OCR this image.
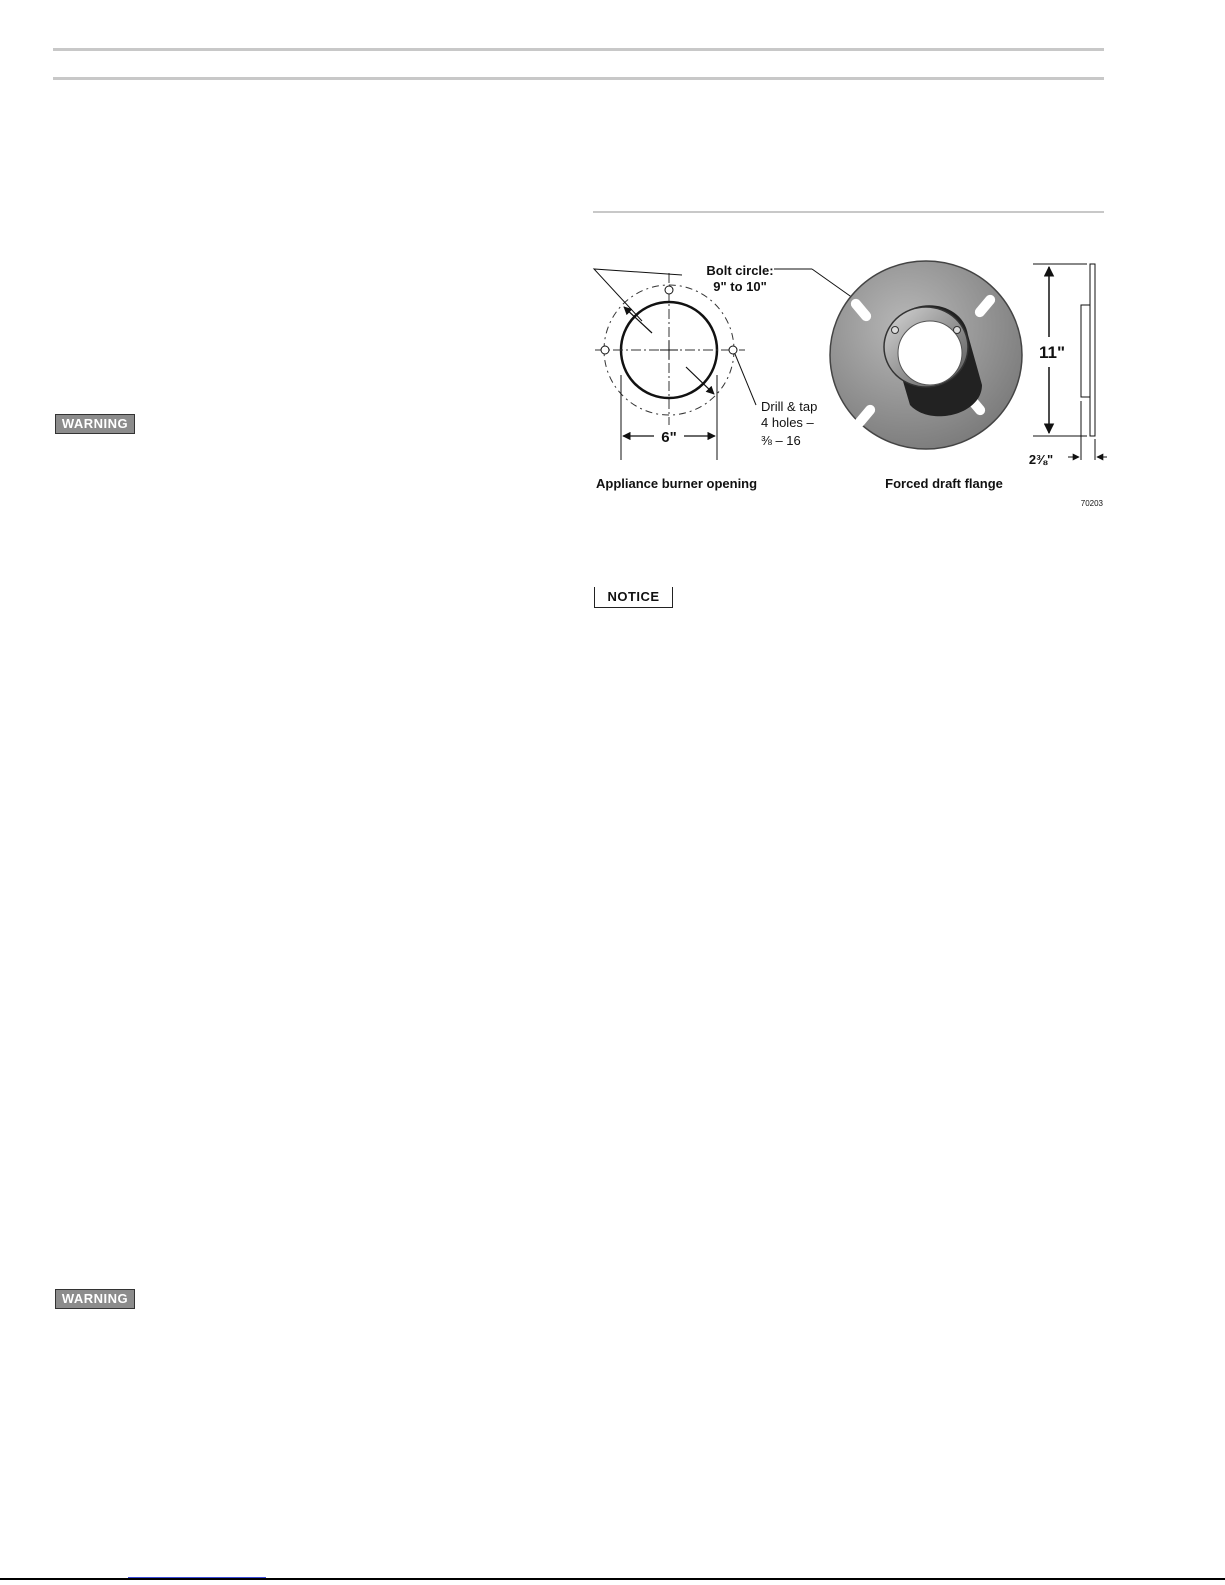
WARNING
NOTICE
WARNING
Bolt circle:
9" to 10"
Drill & tap
4 holes –
⅜ – 16
6"
11"
2⅜"
Appliance burner opening	Forced draft flange
70203
